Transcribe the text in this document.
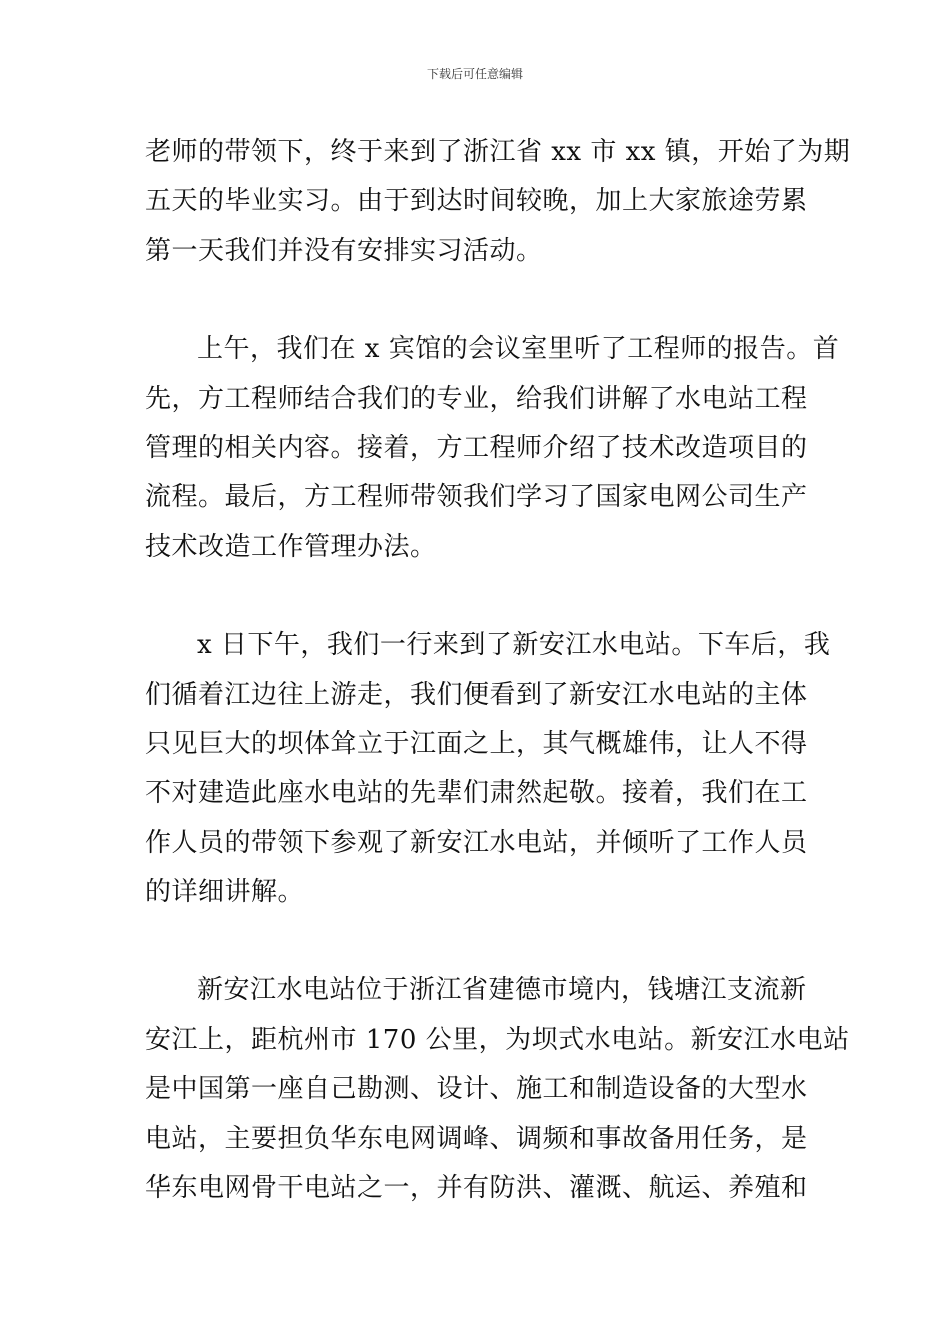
下载后可任意编辑
老师的带领下，终于来到了浙江省 xx 市 xx 镇，开始了为期
五天的毕业实习。由于到达时间较晚，加上大家旅途劳累
第一天我们并没有安排实习活动。
上午，我们在 x 宾馆的会议室里听了工程师的报告。首
先，方工程师结合我们的专业，给我们讲解了水电站工程
管理的相关内容。接着，方工程师介绍了技术改造项目的
流程。最后，方工程师带领我们学习了国家电网公司生产
技术改造工作管理办法。
x 日下午，我们一行来到了新安江水电站。下车后，我
们循着江边往上游走，我们便看到了新安江水电站的主体
只见巨大的坝体耸立于江面之上，其气概雄伟，让人不得
不对建造此座水电站的先辈们肃然起敬。接着，我们在工
作人员的带领下参观了新安江水电站，并倾听了工作人员
的详细讲解。
新安江水电站位于浙江省建德市境内，钱塘江支流新
安江上，距杭州市 170 公里，为坝式水电站。新安江水电站
是中国第一座自己勘测、设计、施工和制造设备的大型水
电站，主要担负华东电网调峰、调频和事故备用任务，是
华东电网骨干电站之一，并有防洪、灌溉、航运、养殖和
